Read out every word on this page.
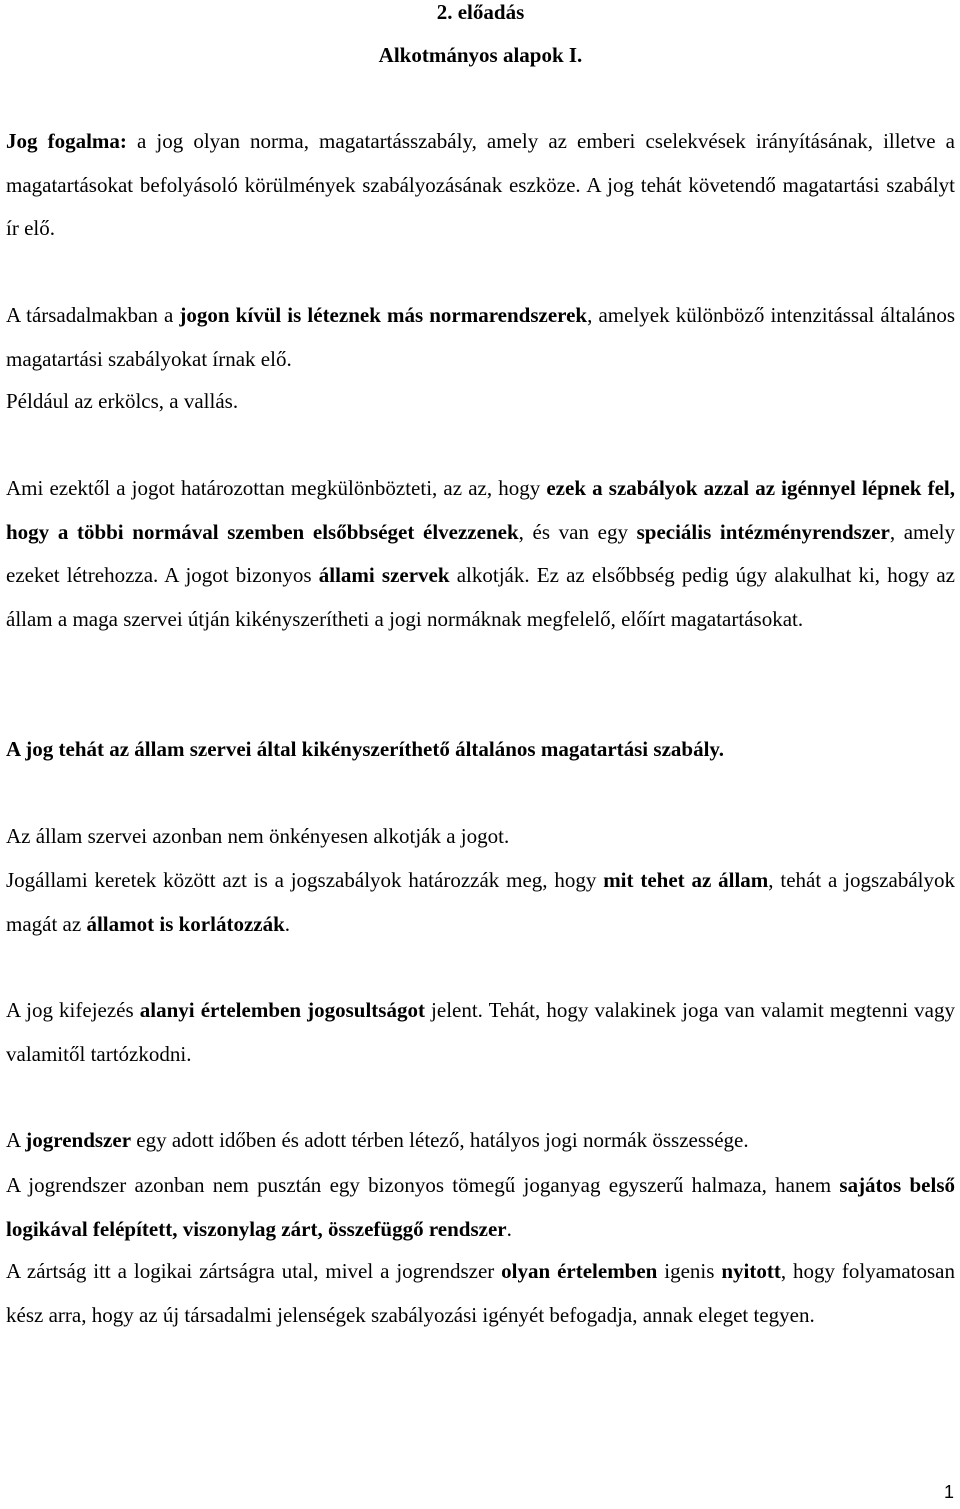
2. előadás

Alkotmányos alapok I.

Jog fogalma: a jog olyan norma, magatartásszabály, amely az emberi cselekvések irányításának, illetve a magatartásokat befolyásoló körülmények szabályozásának eszköze. A jog tehát követendő magatartási szabályt ír elő.

A társadalmakban a jogon kívül is léteznek más normarendszerek, amelyek különböző intenzitással általános magatartási szabályokat írnak elő.

Például az erkölcs, a vallás.

Ami ezektől a jogot határozottan megkülönbözteti, az az, hogy ezek a szabályok azzal az igénnyel lépnek fel, hogy a többi normával szemben elsőbbséget élvezzenek, és van egy speciális intézményrendszer, amely ezeket létrehozza. A jogot bizonyos állami szervek alkotják. Ez az elsőbbség pedig úgy alakulhat ki, hogy az állam a maga szervei útján kikényszerítheti a jogi normáknak megfelelő, előírt magatartásokat.

A jog tehát az állam szervei által kikényszeríthető általános magatartási szabály.

Az állam szervei azonban nem önkényesen alkotják a jogot.

Jogállami keretek között azt is a jogszabályok határozzák meg, hogy mit tehet az állam, tehát a jogszabályok magát az államot is korlátozzák.

A jog kifejezés alanyi értelemben jogosultságot jelent. Tehát, hogy valakinek joga van valamit megtenni vagy valamitől tartózkodni.

A jogrendszer egy adott időben és adott térben létező, hatályos jogi normák összessége.

A jogrendszer azonban nem pusztán egy bizonyos tömegű joganyag egyszerű halmaza, hanem sajátos belső logikával felépített, viszonylag zárt, összefüggő rendszer.

A zártság itt a logikai zártságra utal, mivel a jogrendszer olyan értelemben igenis nyitott, hogy folyamatosan kész arra, hogy az új társadalmi jelenségek szabályozási igényét befogadja, annak eleget tegyen.

1
